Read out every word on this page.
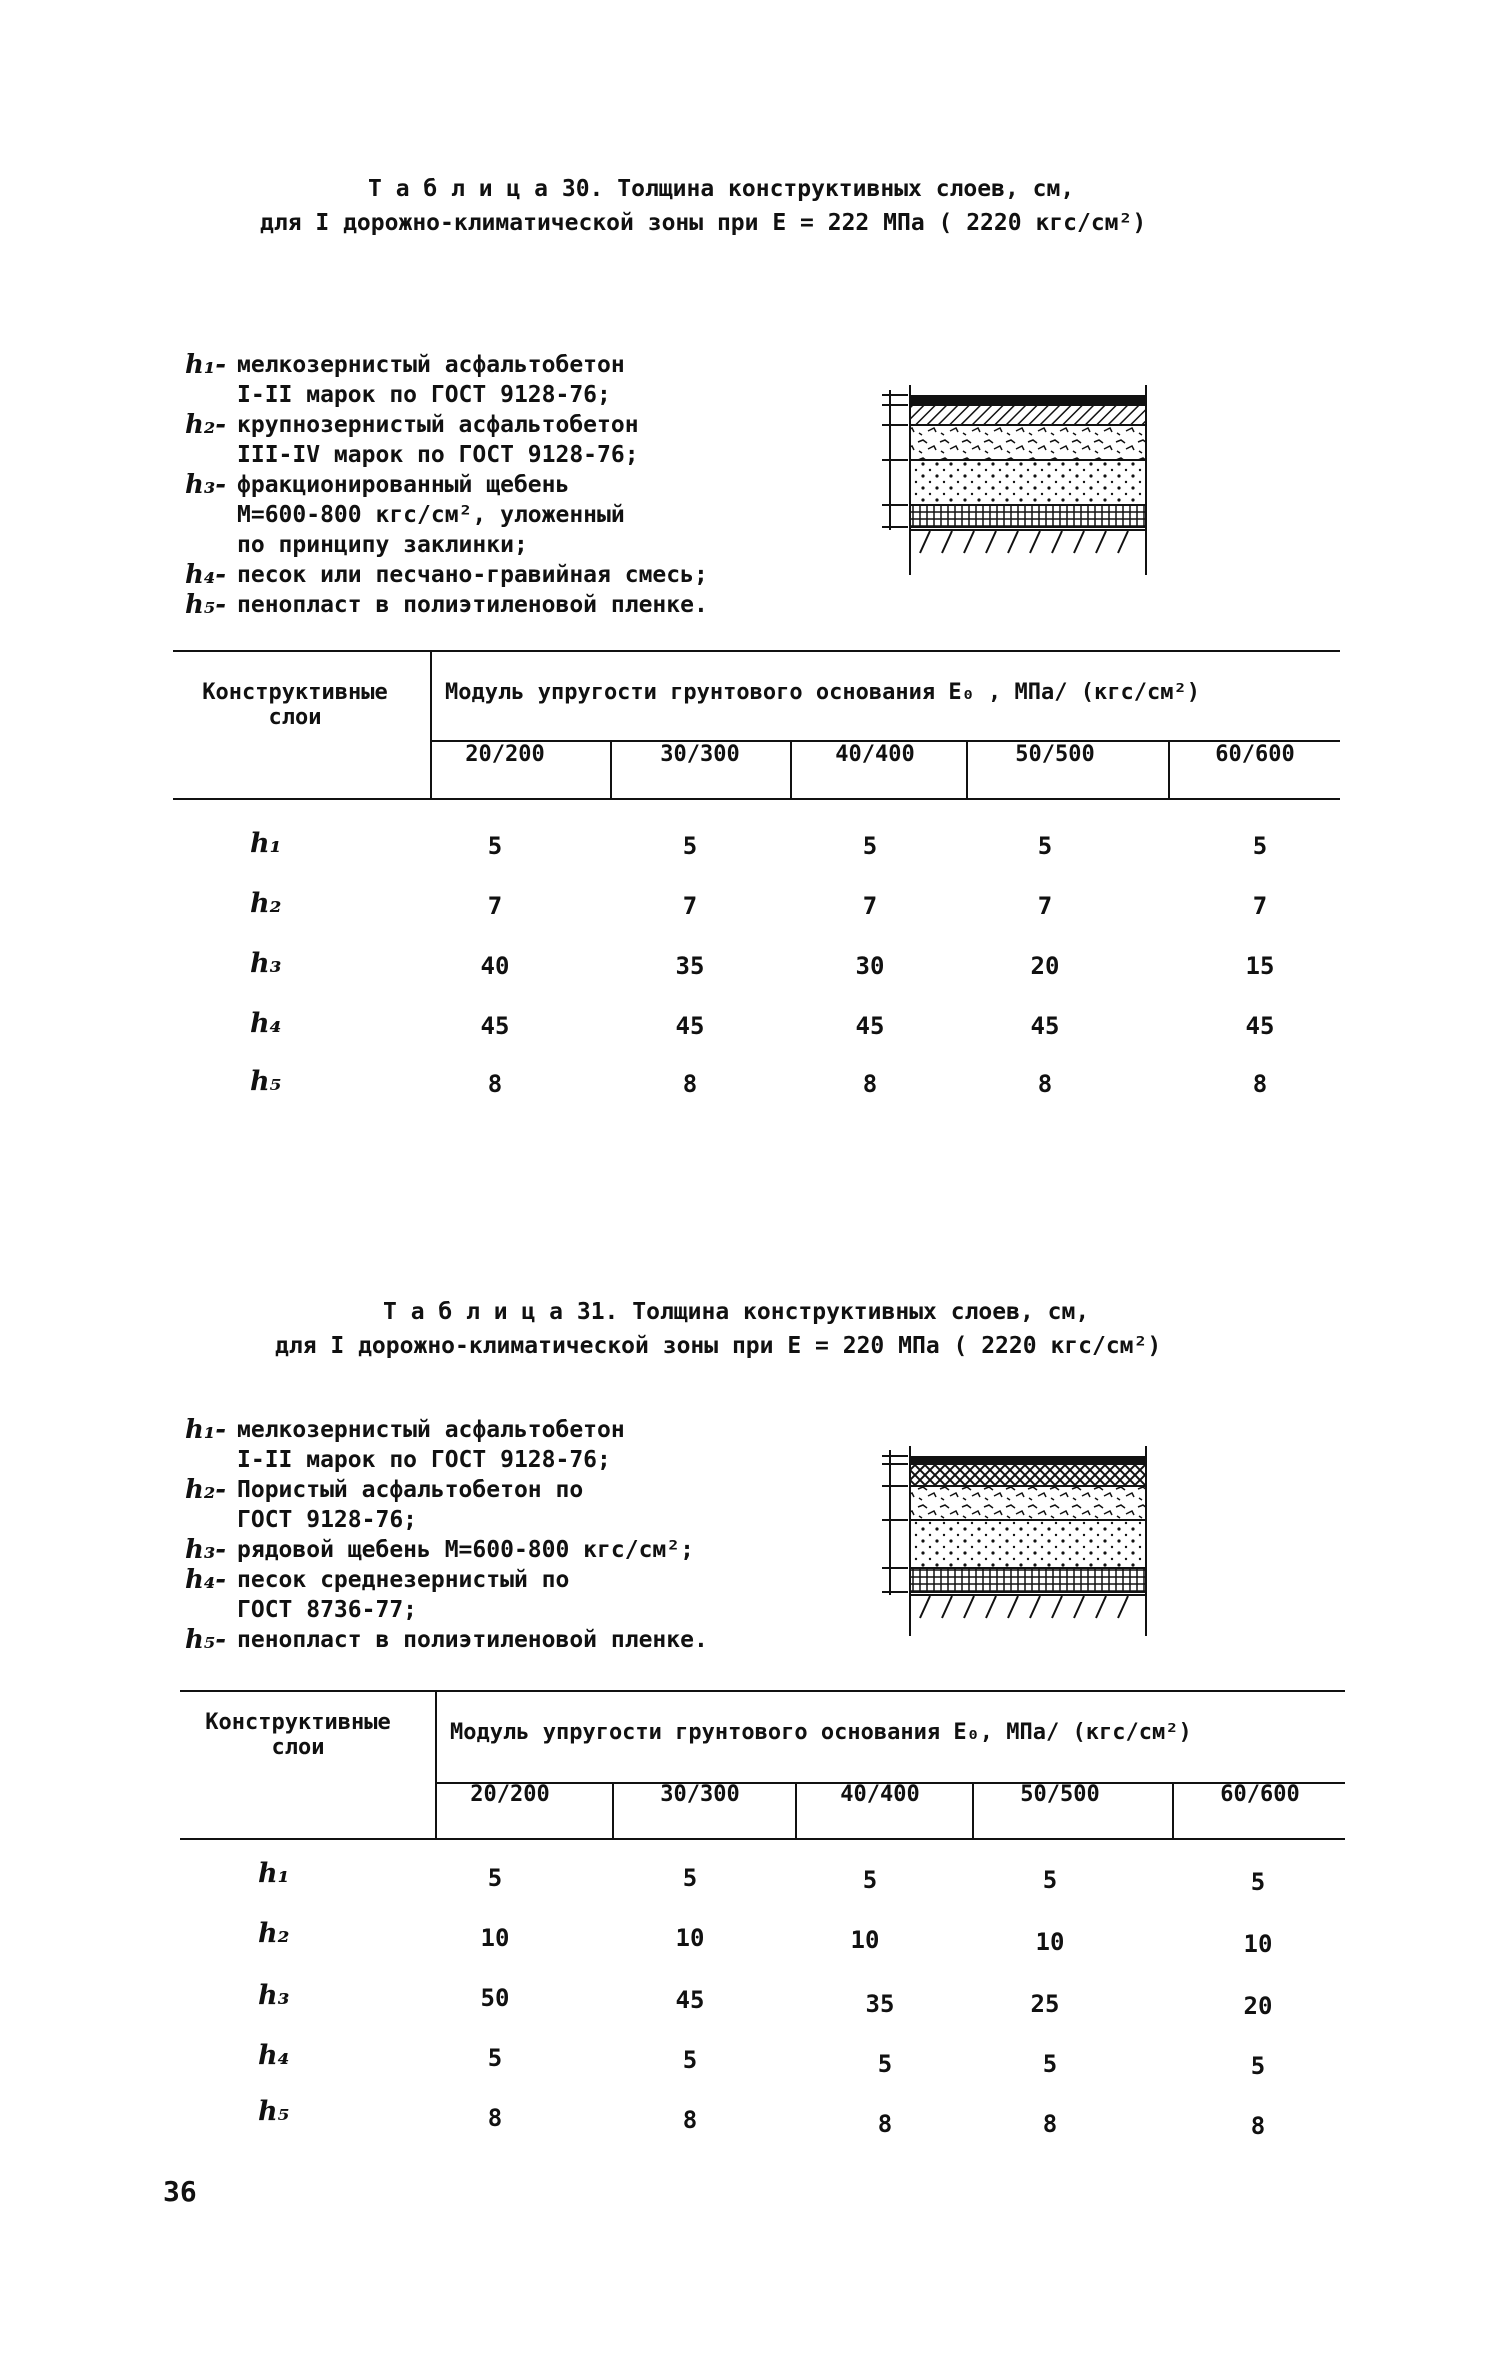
Т а б л и ц а 30. Толщина конструктивных слоев, см,
для I дорожно-климатической зоны при E = 222 МПа ( 2220 кгс/см²)
h₁- мелкозернистый асфальтобетон
I-II марок по ГОСТ 9128-76;
h₂- крупнозернистый асфальтобетон
III-IV марок по ГОСТ 9128-76;
h₃- фракционированный щебень
М=600-800 кгс/см², уложенный
по принципу заклинки;
h₄- песок или песчано-гравийная смесь;
h₅- пенопласт в полиэтиленовой пленке.
Конструктивные слои
Модуль упругости грунтового основания E₀ , МПа/ (кгс/см²)
20/200	30/300	40/400	50/500	60/600
h₁	5	5	5	5	5
h₂	7	7	7	7	7
h₃	40	35	30	20	15
h₄	45	45	45	45	45
h₅	8	8	8	8	8
Т а б л и ц а 31. Толщина конструктивных слоев, см,
для I дорожно-климатической зоны при E = 220 МПа ( 2220 кгс/см²)
h₁- мелкозернистый асфальтобетон
I-II марок по ГОСТ 9128-76;
h₂- Пористый асфальтобетон по
ГОСТ 9128-76;
h₃- рядовой щебень М=600-800 кгс/см²;
h₄- песок среднезернистый по
ГОСТ 8736-77;
h₅- пенопласт в полиэтиленовой пленке.
Конструктивные слои
Модуль упругости грунтового основания E₀, МПа/ (кгс/см²)
20/200	30/300	40/400	50/500	60/600
h₁	5	5	5	5	5
h₂	10	10	10	10	10
h₃	50	45	35	25	20
h₄	5	5	5	5	5
h₅	8	8	8	8	8
36
